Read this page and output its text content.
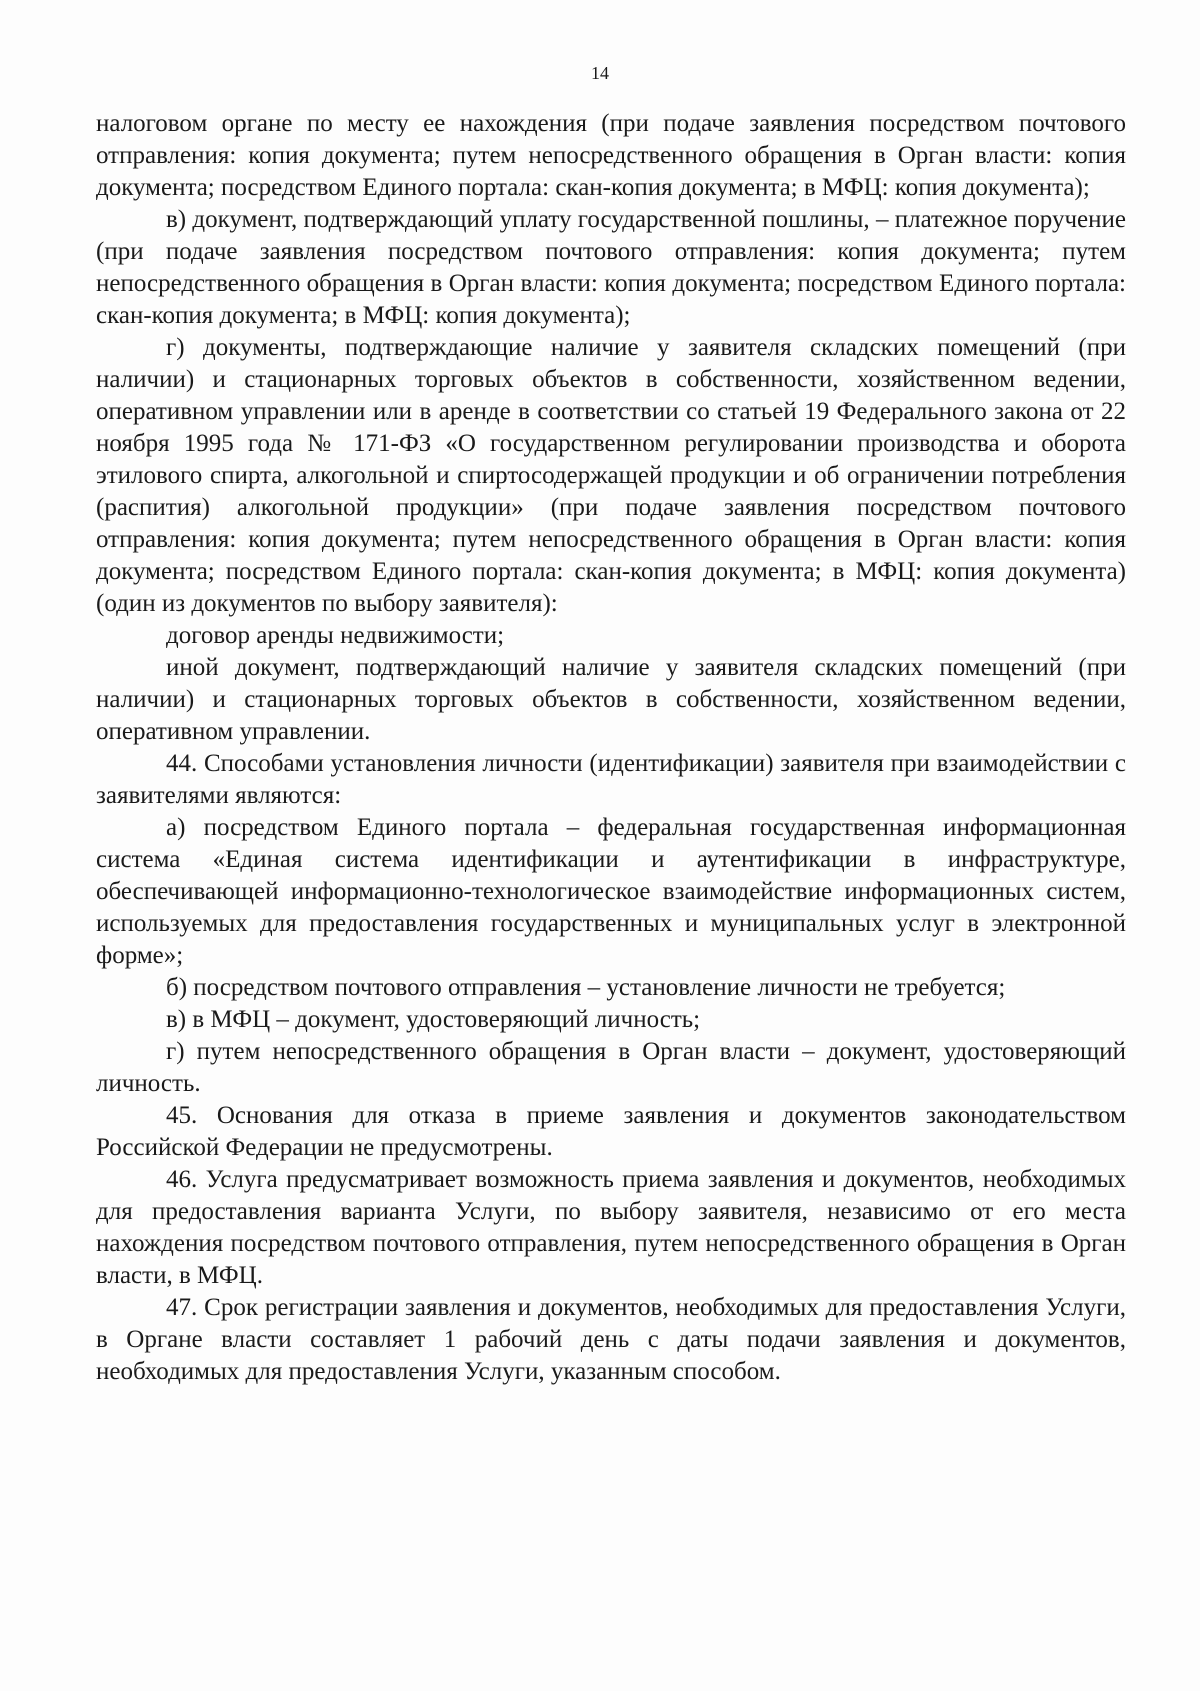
14

налоговом органе по месту ее нахождения (при подаче заявления посредством почтового отправления: копия документа; путем непосредственного обращения в Орган власти: копия документа; посредством Единого портала: скан-копия документа; в МФЦ: копия документа);

в) документ, подтверждающий уплату государственной пошлины, – платежное поручение (при подаче заявления посредством почтового отправления: копия документа; путем непосредственного обращения в Орган власти: копия документа; посредством Единого портала: скан-копия документа; в МФЦ: копия документа);

г) документы, подтверждающие наличие у заявителя складских помещений (при наличии) и стационарных торговых объектов в собственности, хозяйственном ведении, оперативном управлении или в аренде в соответствии со статьей 19 Федерального закона от 22 ноября 1995 года № 171-ФЗ «О государственном регулировании производства и оборота этилового спирта, алкогольной и спиртосодержащей продукции и об ограничении потребления (распития) алкогольной продукции» (при подаче заявления посредством почтового отправления: копия документа; путем непосредственного обращения в Орган власти: копия документа; посредством Единого портала: скан-копия документа; в МФЦ: копия документа) (один из документов по выбору заявителя):

договор аренды недвижимости;

иной документ, подтверждающий наличие у заявителя складских помещений (при наличии) и стационарных торговых объектов в собственности, хозяйственном ведении, оперативном управлении.

44. Способами установления личности (идентификации) заявителя при взаимодействии с заявителями являются:

а) посредством Единого портала – федеральная государственная информационная система «Единая система идентификации и аутентификации в инфраструктуре, обеспечивающей информационно-технологическое взаимодействие информационных систем, используемых для предоставления государственных и муниципальных услуг в электронной форме»;

б) посредством почтового отправления – установление личности не требуется;

в) в МФЦ – документ, удостоверяющий личность;

г) путем непосредственного обращения в Орган власти – документ, удостоверяющий личность.

45. Основания для отказа в приеме заявления и документов законодательством Российской Федерации не предусмотрены.

46. Услуга предусматривает возможность приема заявления и документов, необходимых для предоставления варианта Услуги, по выбору заявителя, независимо от его места нахождения посредством почтового отправления, путем непосредственного обращения в Орган власти, в МФЦ.

47. Срок регистрации заявления и документов, необходимых для предоставления Услуги, в Органе власти составляет 1 рабочий день с даты подачи заявления и документов, необходимых для предоставления Услуги, указанным способом.
